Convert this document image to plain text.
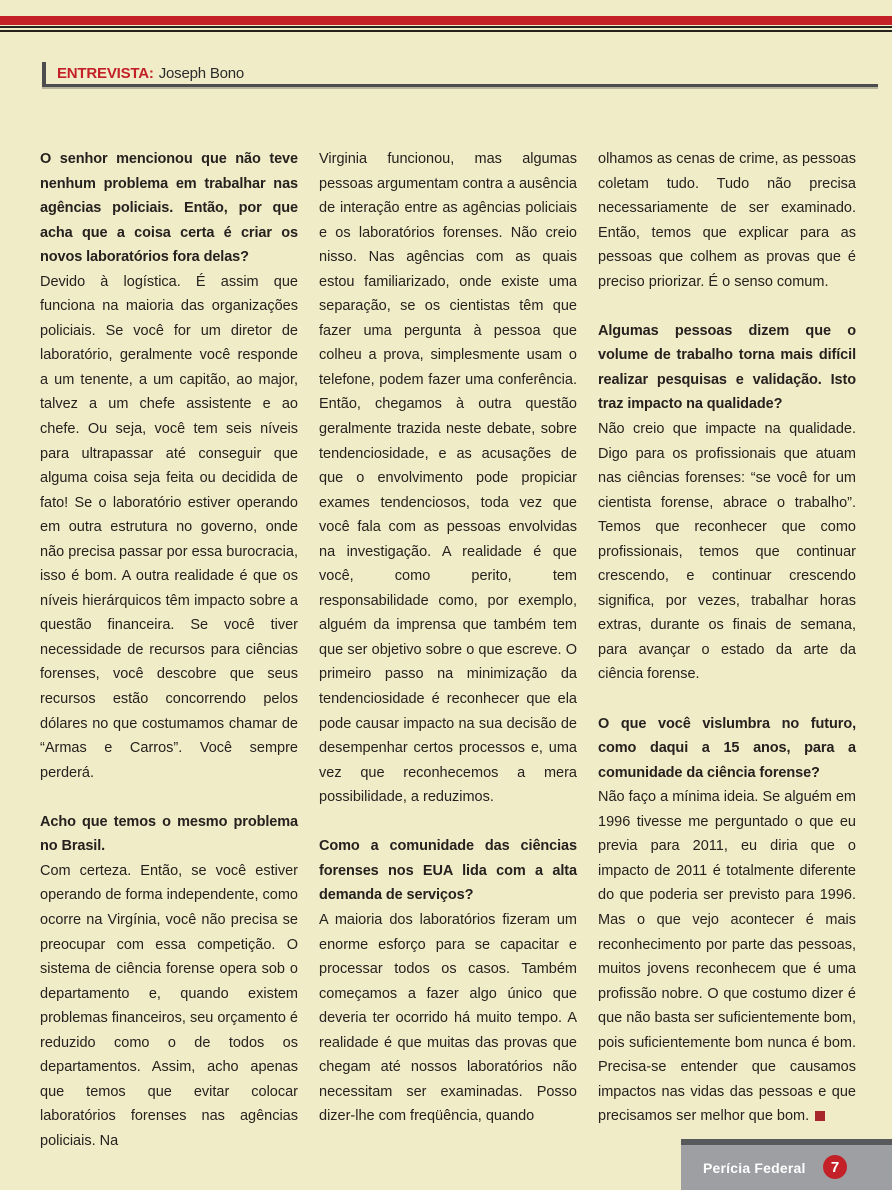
ENTREVISTA: Joseph Bono

O senhor mencionou que não teve nenhum problema em trabalhar nas agências policiais. Então, por que acha que a coisa certa é criar os novos laboratórios fora delas?

Devido à logística. É assim que funciona na maioria das organizações policiais. Se você for um diretor de laboratório, geralmente você responde a um tenente, a um capitão, ao major, talvez a um chefe assistente e ao chefe. Ou seja, você tem seis níveis para ultrapassar até conseguir que alguma coisa seja feita ou decidida de fato! Se o laboratório estiver operando em outra estrutura no governo, onde não precisa passar por essa burocracia, isso é bom. A outra realidade é que os níveis hierárquicos têm impacto sobre a questão financeira. Se você tiver necessidade de recursos para ciências forenses, você descobre que seus recursos estão concorrendo pelos dólares no que costumamos chamar de “Armas e Carros”. Você sempre perderá.

Acho que temos o mesmo problema no Brasil.

Com certeza. Então, se você estiver operando de forma independente, como ocorre na Virgínia, você não precisa se preocupar com essa competição. O sistema de ciência forense opera sob o departamento e, quando existem problemas financeiros, seu orçamento é reduzido como o de todos os departamentos. Assim, acho apenas que temos que evitar colocar laboratórios forenses nas agências policiais. Na

Virginia funcionou, mas algumas pessoas argumentam contra a ausência de interação entre as agências policiais e os laboratórios forenses. Não creio nisso. Nas agências com as quais estou familiarizado, onde existe uma separação, se os cientistas têm que fazer uma pergunta à pessoa que colheu a prova, simplesmente usam o telefone, podem fazer uma conferência. Então, chegamos à outra questão geralmente trazida neste debate, sobre tendenciosidade, e as acusações de que o envolvimento pode propiciar exames tendenciosos, toda vez que você fala com as pessoas envolvidas na investigação. A realidade é que você, como perito, tem responsabilidade como, por exemplo, alguém da imprensa que também tem que ser objetivo sobre o que escreve. O primeiro passo na minimização da tendenciosidade é reconhecer que ela pode causar impacto na sua decisão de desempenhar certos processos e, uma vez que reconhecemos a mera possibilidade, a reduzimos.

Como a comunidade das ciências forenses nos EUA lida com a alta demanda de serviços?

A maioria dos laboratórios fizeram um enorme esforço para se capacitar e processar todos os casos. Também começamos a fazer algo único que deveria ter ocorrido há muito tempo. A realidade é que muitas das provas que chegam até nossos laboratórios não necessitam ser examinadas. Posso dizer-lhe com freqüência, quando

olhamos as cenas de crime, as pessoas coletam tudo. Tudo não precisa necessariamente de ser examinado. Então, temos que explicar para as pessoas que colhem as provas que é preciso priorizar. É o senso comum.

Algumas pessoas dizem que o volume de trabalho torna mais difícil realizar pesquisas e validação. Isto traz impacto na qualidade?

Não creio que impacte na qualidade. Digo para os profissionais que atuam nas ciências forenses: “se você for um cientista forense, abrace o trabalho”. Temos que reconhecer que como profissionais, temos que continuar crescendo, e continuar crescendo significa, por vezes, trabalhar horas extras, durante os finais de semana, para avançar o estado da arte da ciência forense.

O que você vislumbra no futuro, como daqui a 15 anos, para a comunidade da ciência forense?

Não faço a mínima ideia. Se alguém em 1996 tivesse me perguntado o que eu previa para 2011, eu diria que o impacto de 2011 é totalmente diferente do que poderia ser previsto para 1996. Mas o que vejo acontecer é mais reconhecimento por parte das pessoas, muitos jovens reconhecem que é uma profissão nobre. O que costumo dizer é que não basta ser suficientemente bom, pois suficientemente bom nunca é bom. Precisa-se entender que causamos impactos nas vidas das pessoas e que precisamos ser melhor que bom.

Perícia Federal	7
